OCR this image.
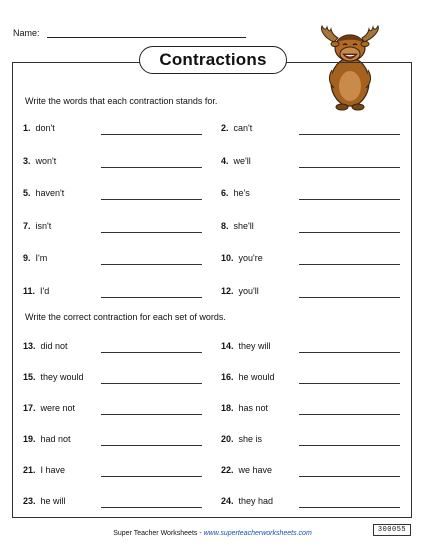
Name:
Contractions
Write the words that each contraction stands for.
1. don't	2. can't
3. won't	4. we'll
5. haven't	6. he's
7. isn't	8. she'll
9. I'm	10. you're
11. I'd	12. you'll
Write the correct contraction for each set of words.
13. did not	14. they will
15. they would	16. he would
17. were not	18. has not
19. had not	20. she is
21. I have	22. we have
23. he will	24. they had
Super Teacher Worksheets - www.superteacherworksheets.com	300055
